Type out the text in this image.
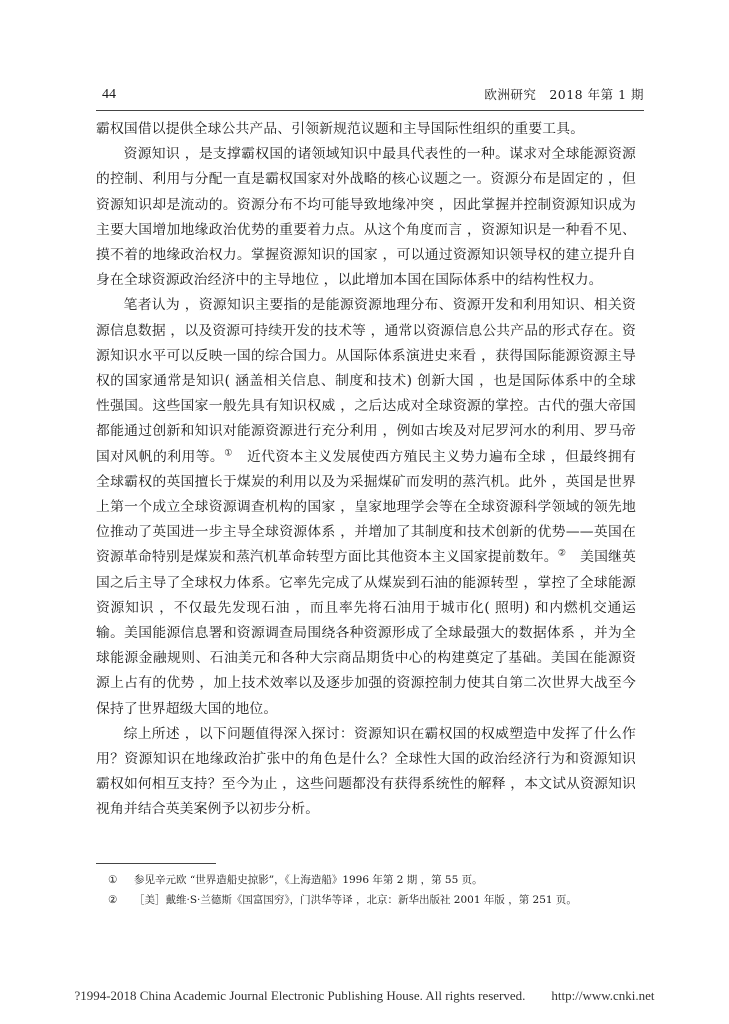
44	欧洲研究　2018 年第 1 期

霸权国借以提供全球公共产品、引领新规范议题和主导国际性组织的重要工具。

资源知识 ，是支撑霸权国的诸领域知识中最具代表性的一种。谋求对全球能源资源的控制、利用与分配一直是霸权国家对外战略的核心议题之一。资源分布是固定的 ，但资源知识却是流动的。资源分布不均可能导致地缘冲突 ，因此掌握并控制资源知识成为主要大国增加地缘政治优势的重要着力点。从这个角度而言 ，资源知识是一种看不见、摸不着的地缘政治权力。掌握资源知识的国家 ，可以通过资源知识领导权的建立提升自身在全球资源政治经济中的主导地位 ，以此增加本国在国际体系中的结构性权力。

笔者认为 ，资源知识主要指的是能源资源地理分布、资源开发和利用知识、相关资源信息数据 ，以及资源可持续开发的技术等 ，通常以资源信息公共产品的形式存在。资源知识水平可以反映一国的综合国力。从国际体系演进史来看 ，获得国际能源资源主导权的国家通常是知识( 涵盖相关信息、制度和技术) 创新大国 ，也是国际体系中的全球性强国。这些国家一般先具有知识权威 ，之后达成对全球资源的掌控。古代的强大帝国都能通过创新和知识对能源资源进行充分利用 ，例如古埃及对尼罗河水的利用、罗马帝国对风帆的利用等。①　近代资本主义发展使西方殖民主义势力遍布全球 ，但最终拥有全球霸权的英国擅长于煤炭的利用以及为采掘煤矿而发明的蒸汽机。此外 ，英国是世界上第一个成立全球资源调查机构的国家 ，皇家地理学会等在全球资源科学领域的领先地位推动了英国进一步主导全球资源体系 ，并增加了其制度和技术创新的优势——英国在资源革命特别是煤炭和蒸汽机革命转型方面比其他资本主义国家提前数年。②　美国继英国之后主导了全球权力体系。它率先完成了从煤炭到石油的能源转型 ，掌控了全球能源资源知识 ，不仅最先发现石油 ，而且率先将石油用于城市化( 照明) 和内燃机交通运输。美国能源信息署和资源调查局围绕各种资源形成了全球最强大的数据体系 ，并为全球能源金融规则、石油美元和各种大宗商品期货中心的构建奠定了基础。美国在能源资源上占有的优势 ，加上技术效率以及逐步加强的资源控制力使其自第二次世界大战至今保持了世界超级大国的地位。

综上所述 ，以下问题值得深入探讨：资源知识在霸权国的权威塑造中发挥了什么作用？资源知识在地缘政治扩张中的角色是什么？全球性大国的政治经济行为和资源知识霸权如何相互支持？至今为止 ，这些问题都没有获得系统性的解释 ，本文试从资源知识视角并结合英美案例予以初步分析。

① 参见辛元欧 “世界造船史掠影”，《上海造船》1996 年第 2 期 ，第 55 页。
② ［美］戴维·S·兰德斯《国富国穷》，门洪华等译 ，北京：新华出版社 2001 年版 ，第 251 页。
?1994-2018 China Academic Journal Electronic Publishing House. All rights reserved.　　http://www.cnki.net
